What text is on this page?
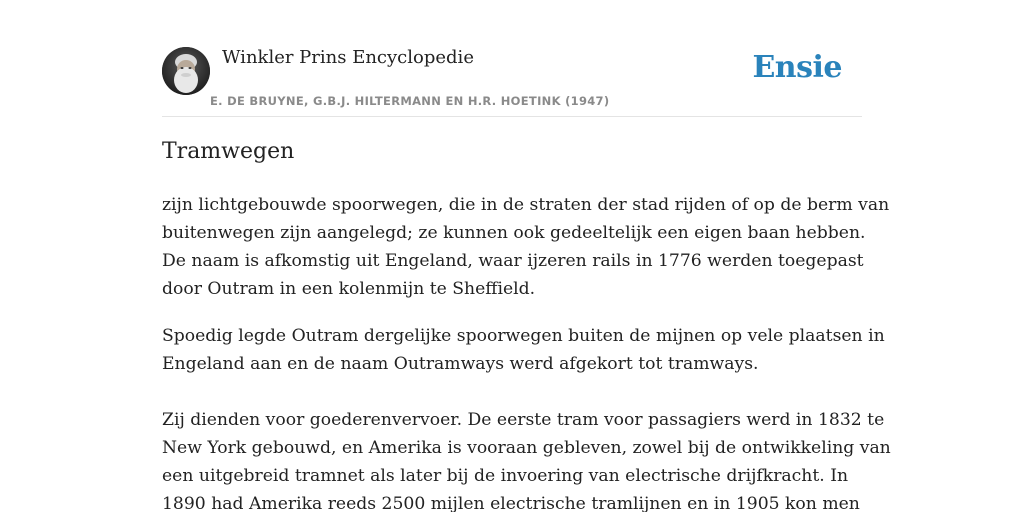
Winkler Prins Encyclopedie
E. DE BRUYNE, G.B.J. HILTERMANN EN H.R. HOETINK (1947)
Ensie
Tramwegen

zijn lichtgebouwde spoorwegen, die in de straten der stad rijden of op de berm van
buitenwegen zijn aangelegd; ze kunnen ook gedeeltelijk een eigen baan hebben.
De naam is afkomstig uit Engeland, waar ijzeren rails in 1776 werden toegepast
door Outram in een kolenmijn te Sheffield.

Spoedig legde Outram dergelijke spoorwegen buiten de mijnen op vele plaatsen in
Engeland aan en de naam Outramways werd afgekort tot tramways.

Zij dienden voor goederenvervoer. De eerste tram voor passagiers werd in 1832 te
New York gebouwd, en Amerika is vooraan gebleven, zowel bij de ontwikkeling van
een uitgebreid tramnet als later bij de invoering van electrische drijfkracht. In
1890 had Amerika reeds 2500 mijlen electrische tramlijnen en in 1905 kon men
